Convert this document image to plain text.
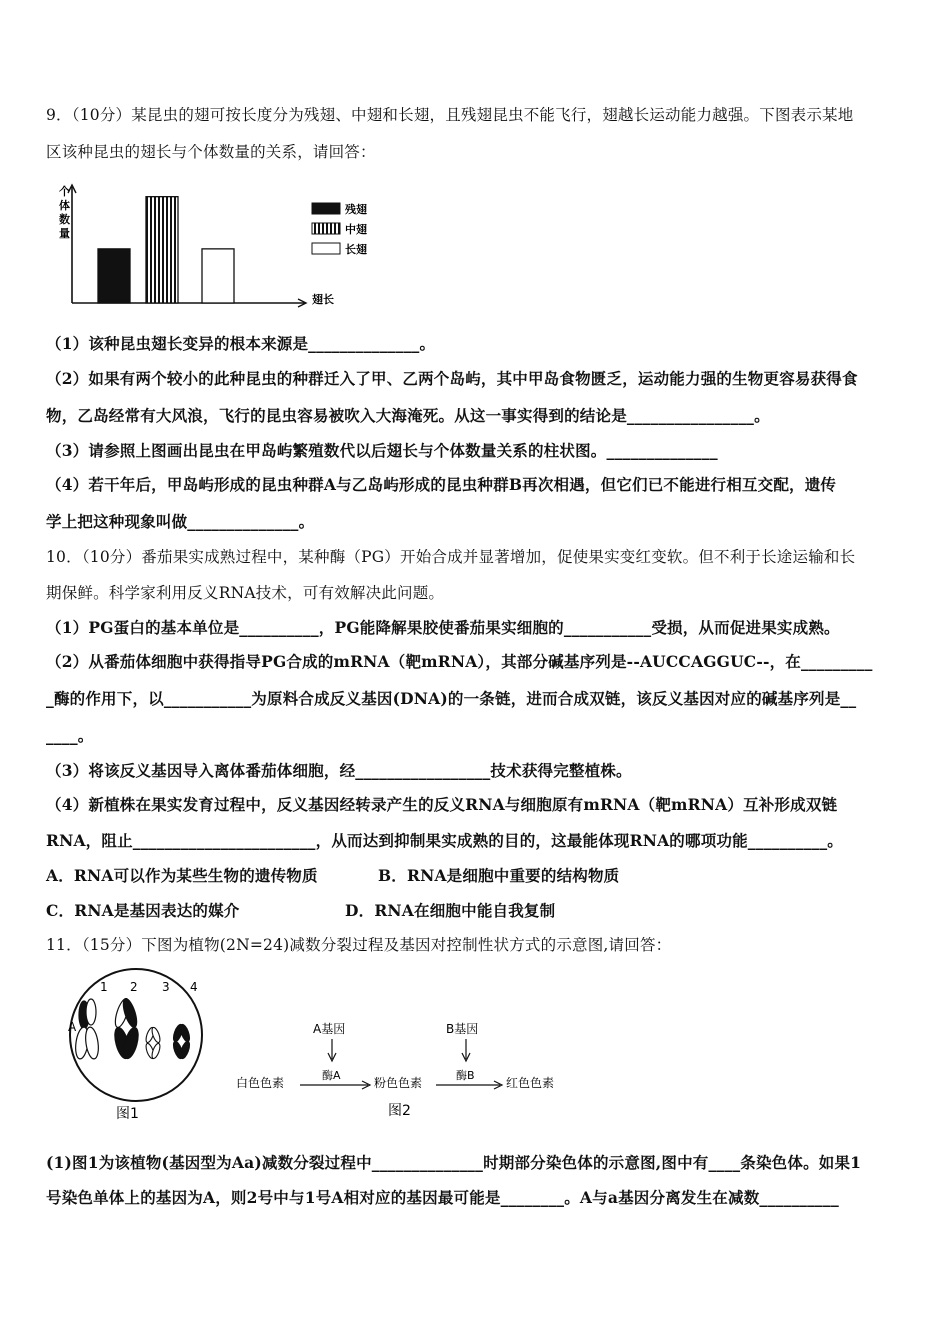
9．（10分）某昆虫的翅可按长度分为残翅、中翅和长翅，且残翅昆虫不能飞行，翅越长运动能力越强。下图表示某地
区该种昆虫的翅长与个体数量的关系，请回答：
个
体
数
量
翅长
残翅
中翅
长翅
（1）该种昆虫翅长变异的根本来源是______________。
（2）如果有两个较小的此种昆虫的种群迁入了甲、乙两个岛屿，其中甲岛食物匮乏，运动能力强的生物更容易获得食
物，乙岛经常有大风浪，飞行的昆虫容易被吹入大海淹死。从这一事实得到的结论是________________。
（3）请参照上图画出昆虫在甲岛屿繁殖数代以后翅长与个体数量关系的柱状图。______________
（4）若干年后，甲岛屿形成的昆虫种群A与乙岛屿形成的昆虫种群B再次相遇，但它们已不能进行相互交配，遗传
学上把这种现象叫做______________。
10．（10分）番茄果实成熟过程中，某种酶（PG）开始合成并显著增加，促使果实变红变软。但不利于长途运输和长
期保鲜。科学家利用反义RNA技术，可有效解决此问题。
（1）PG蛋白的基本单位是__________，PG能降解果胶使番茄果实细胞的___________受损，从而促进果实成熟。
（2）从番茄体细胞中获得指导PG合成的mRNA（靶mRNA），其部分碱基序列是--AUCCAGGUC--，在_________
_酶的作用下，以___________为原料合成反义基因(DNA)的一条链，进而合成双链，该反义基因对应的碱基序列是__
____。
（3）将该反义基因导入离体番茄体细胞，经_________________技术获得完整植株。
（4）新植株在果实发育过程中，反义基因经转录产生的反义RNA与细胞原有mRNA（靶mRNA）互补形成双链
RNA，阻止_______________________，从而达到抑制果实成熟的目的，这最能体现RNA的哪项功能__________。
A．RNA可以作为某些生物的遗传物质	B．RNA是细胞中重要的结构物质
C．RNA是基因表达的媒介	D．RNA在细胞中能自我复制
11．（15分）下图为植物(2N=24)减数分裂过程及基因对控制性状方式的示意图,请回答：
1 2 3 4
A
图1
A基因	B基因
酶A	酶B
白色色素	粉色色素	红色色素
图2
(1)图1为该植物(基因型为Aa)减数分裂过程中______________时期部分染色体的示意图,图中有____条染色体。如果1
号染色单体上的基因为A，则2号中与1号A相对应的基因最可能是________。A与a基因分离发生在减数__________
